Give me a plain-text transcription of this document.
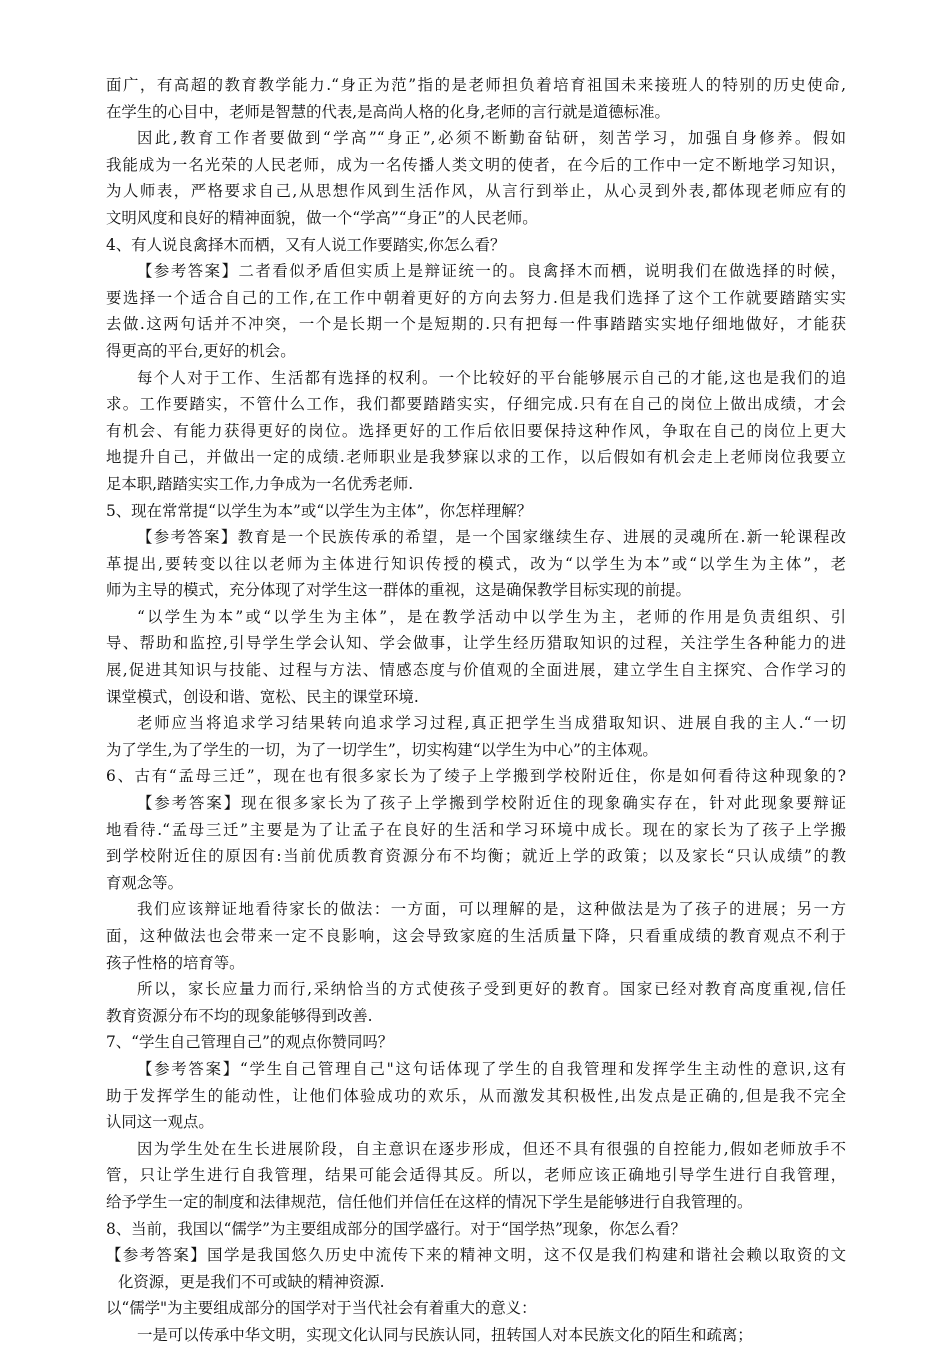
面广，有高超的教育教学能力.“身正为范”指的是老师担负着培育祖国未来接班人的特别的历史使命,
在学生的心目中，老师是智慧的代表,是高尚人格的化身,老师的言行就是道德标准。
因此,教育工作者要做到“学高”“身正”,必须不断勤奋钻研，刻苦学习，加强自身修养。假如
我能成为一名光荣的人民老师，成为一名传播人类文明的使者，在今后的工作中一定不断地学习知识，
为人师表，严格要求自己,从思想作风到生活作风，从言行到举止，从心灵到外表,都体现老师应有的
文明风度和良好的精神面貌，做一个“学高”“身正”的人民老师。
4、有人说良禽择木而栖，又有人说工作要踏实,你怎么看？
【参考答案】二者看似矛盾但实质上是辩证统一的。良禽择木而栖，说明我们在做选择的时候，
要选择一个适合自己的工作,在工作中朝着更好的方向去努力.但是我们选择了这个工作就要踏踏实实
去做.这两句话并不冲突，一个是长期一个是短期的.只有把每一件事踏踏实实地仔细地做好，才能获
得更高的平台,更好的机会。
每个人对于工作、生活都有选择的权利。一个比较好的平台能够展示自己的才能,这也是我们的追
求。工作要踏实，不管什么工作，我们都要踏踏实实，仔细完成.只有在自己的岗位上做出成绩，才会
有机会、有能力获得更好的岗位。选择更好的工作后依旧要保持这种作风，争取在自己的岗位上更大
地提升自己，并做出一定的成绩.老师职业是我梦寐以求的工作，以后假如有机会走上老师岗位我要立
足本职,踏踏实实工作,力争成为一名优秀老师.
5、现在常常提“以学生为本”或“以学生为主体”，你怎样理解？
【参考答案】教育是一个民族传承的希望，是一个国家继续生存、进展的灵魂所在.新一轮课程改
革提出,要转变以往以老师为主体进行知识传授的模式，改为“以学生为本”或“以学生为主体”，老
师为主导的模式，充分体现了对学生这一群体的重视，这是确保教学目标实现的前提。
“以学生为本”或“以学生为主体”，是在教学活动中以学生为主，老师的作用是负责组织、引
导、帮助和监控,引导学生学会认知、学会做事，让学生经历猎取知识的过程，关注学生各种能力的进
展,促进其知识与技能、过程与方法、情感态度与价值观的全面进展，建立学生自主探究、合作学习的
课堂模式，创设和谐、宽松、民主的课堂环境.
老师应当将追求学习结果转向追求学习过程,真正把学生当成猎取知识、进展自我的主人.“一切
为了学生,为了学生的一切，为了一切学生”，切实构建“以学生为中心”的主体观。
6、古有“孟母三迁”，现在也有很多家长为了绫子上学搬到学校附近住，你是如何看待这种现象的?
【参考答案】现在很多家长为了孩子上学搬到学校附近住的现象确实存在，针对此现象要辩证
地看待.“孟母三迁”主要是为了让孟子在良好的生活和学习环境中成长。现在的家长为了孩子上学搬
到学校附近住的原因有:当前优质教育资源分布不均衡；就近上学的政策；以及家长“只认成绩”的教
育观念等。
我们应该辩证地看待家长的做法：一方面，可以理解的是，这种做法是为了孩子的进展；另一方
面，这种做法也会带来一定不良影响，这会导致家庭的生活质量下降，只看重成绩的教育观点不利于
孩子性格的培育等。
所以，家长应量力而行,采纳恰当的方式使孩子受到更好的教育。国家已经对教育高度重视,信任
教育资源分布不均的现象能够得到改善.
7、“学生自己管理自己”的观点你赞同吗？
【参考答案】“学生自己管理自己"这句话体现了学生的自我管理和发挥学生主动性的意识,这有
助于发挥学生的能动性，让他们体验成功的欢乐，从而激发其积极性,出发点是正确的,但是我不完全
认同这一观点。
因为学生处在生长进展阶段，自主意识在逐步形成，但还不具有很强的自控能力,假如老师放手不
管，只让学生进行自我管理，结果可能会适得其反。所以，老师应该正确地引导学生进行自我管理，
给予学生一定的制度和法律规范，信任他们并信任在这样的情况下学生是能够进行自我管理的。
8、当前，我国以“儒学”为主要组成部分的国学盛行。对于“国学热”现象，你怎么看？
【参考答案】国学是我国悠久历史中流传下来的精神文明，这不仅是我们构建和谐社会赖以取资的文
化资源，更是我们不可或缺的精神资源.
以“儒学"为主要组成部分的国学对于当代社会有着重大的意义：
一是可以传承中华文明，实现文化认同与民族认同，扭转国人对本民族文化的陌生和疏离；
